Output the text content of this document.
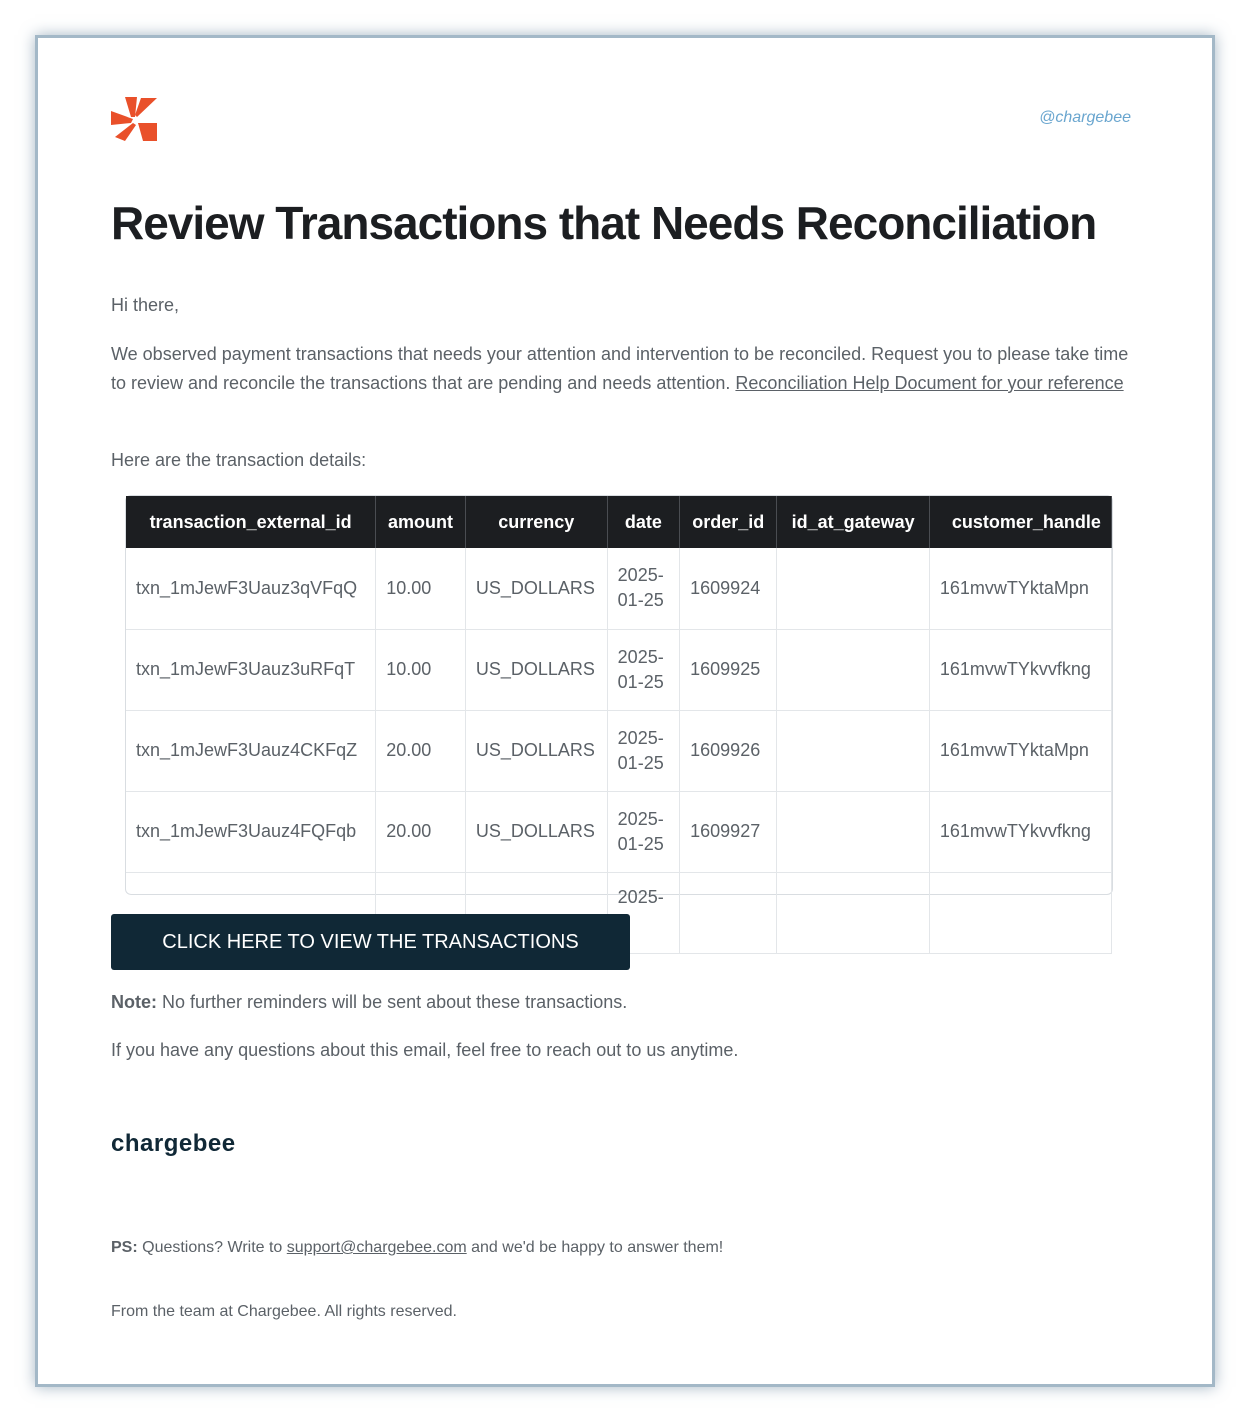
@chargebee
Review Transactions that Needs Reconciliation

Hi there,

We observed payment transactions that needs your attention and intervention to be reconciled. Request you to please take time to review and reconcile the transactions that are pending and needs attention. Reconciliation Help Document for your reference

Here are the transaction details:

transaction_external_id	amount	currency	date	order_id	id_at_gateway	customer_handle
txn_1mJewF3Uauz3qVFqQ	10.00	US_DOLLARS	2025-01-25	1609924		161mvwTYktaMpn
txn_1mJewF3Uauz3uRFqT	10.00	US_DOLLARS	2025-01-25	1609925		161mvwTYkvvfkng
txn_1mJewF3Uauz4CKFqZ	20.00	US_DOLLARS	2025-01-25	1609926		161mvwTYktaMpn
txn_1mJewF3Uauz4FQFqb	20.00	US_DOLLARS	2025-01-25	1609927		161mvwTYkvvfkng
			2025-			
CLICK HERE TO VIEW THE TRANSACTIONS

Note: No further reminders will be sent about these transactions.

If you have any questions about this email, feel free to reach out to us anytime.

chargebee

PS: Questions? Write to support@chargebee.com and we'd be happy to answer them!

From the team at Chargebee. All rights reserved.
